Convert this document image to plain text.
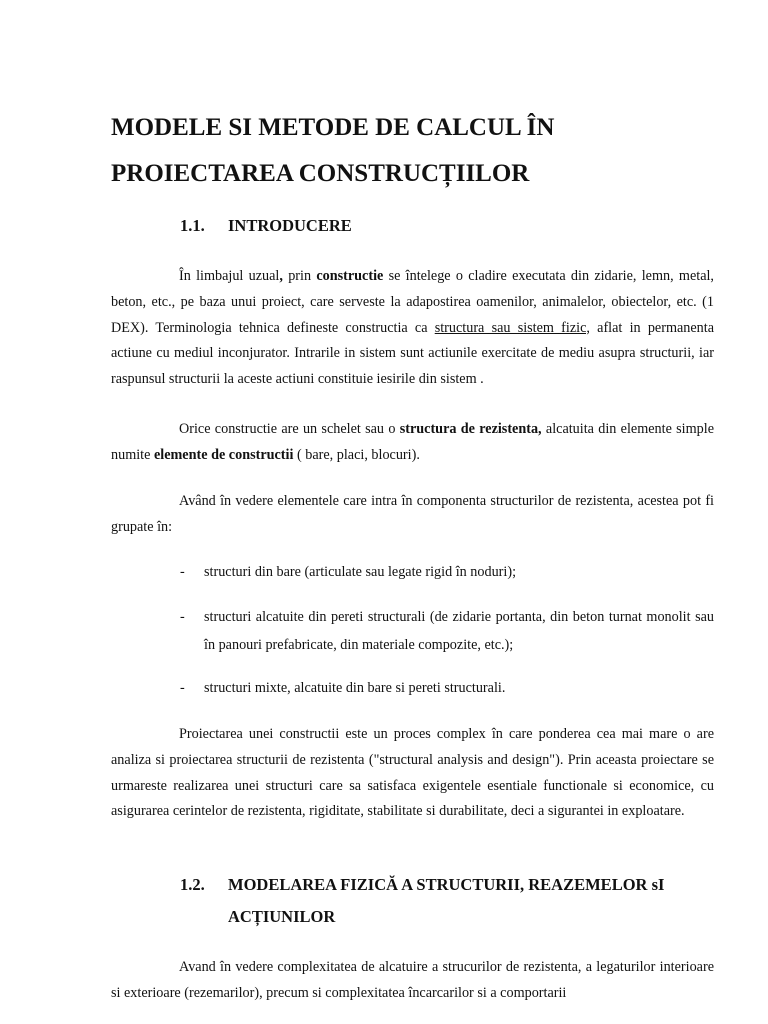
MODELE SI METODE DE CALCUL ÎN PROIECTAREA CONSTRUCȚIILOR
1.1. INTRODUCERE
În limbajul uzual, prin constructie se întelege o cladire executata din zidarie, lemn, metal, beton, etc., pe baza unui proiect, care serveste la adapostirea oamenilor, animalelor, obiectelor, etc. (1 DEX). Terminologia tehnica defineste constructia ca structura sau sistem fizic, aflat in permanenta actiune cu mediul inconjurator. Intrarile in sistem sunt actiunile exercitate de mediu asupra structurii, iar raspunsul structurii la aceste actiuni constituie iesirile din sistem .
Orice constructie are un schelet sau o structura de rezistenta, alcatuita din elemente simple numite elemente de constructii ( bare, placi, blocuri).
Având în vedere elementele care intra în componenta structurilor de rezistenta, acestea pot fi grupate în:
- structuri din bare (articulate sau legate rigid în noduri);
- structuri alcatuite din pereti structurali (de zidarie portanta, din beton turnat monolit sau în panouri prefabricate, din materiale compozite, etc.);
- structuri mixte, alcatuite din bare si pereti structurali.
Proiectarea unei constructii este un proces complex în care ponderea cea mai mare o are analiza si proiectarea structurii de rezistenta ("structural analysis and design"). Prin aceasta proiectare se urmareste realizarea unei structuri care sa satisfaca exigentele esentiale functionale si economice, cu asigurarea cerintelor de rezistenta, rigiditate, stabilitate si durabilitate, deci a sigurantei in exploatare.
1.2. MODELAREA FIZICĂ A STRUCTURII, REAZEMELOR sI ACȚIUNILOR
Avand în vedere complexitatea de alcatuire a strucurilor de rezistenta, a legaturilor interioare si exterioare (rezemarilor), precum si complexitatea încarcarilor si a comportarii
